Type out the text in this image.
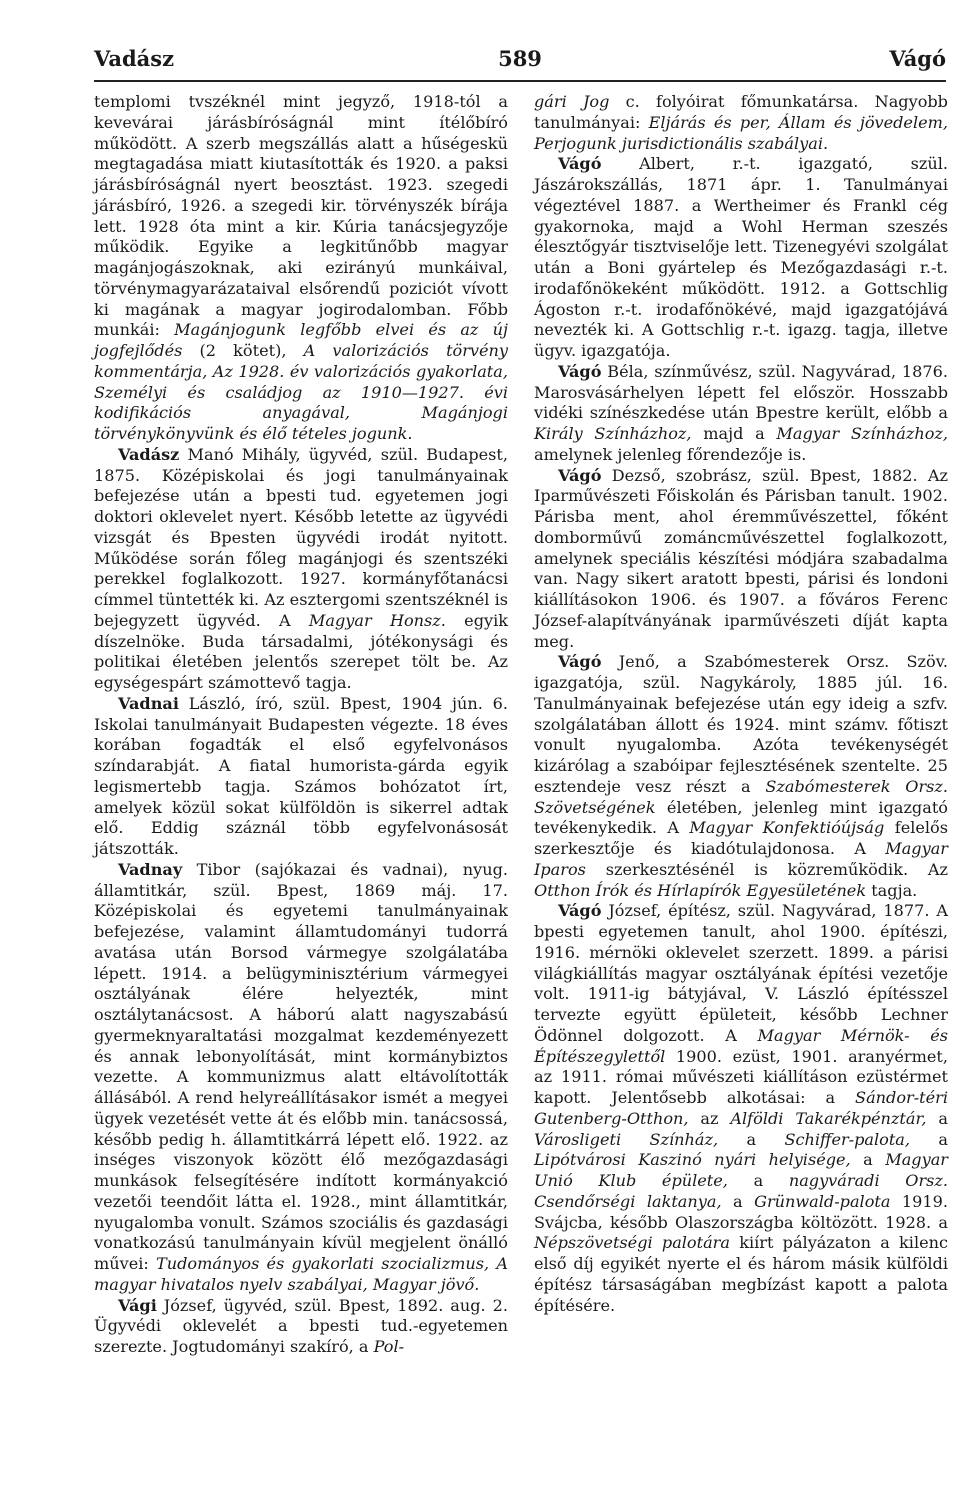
Vadász	589	Vágó

templomi tvszéknél mint jegyző, 1918-tól a kevevárai járásbíróságnál mint ítélőbíró működött. A szerb megszállás alatt a hűségeskü megtagadása miatt kiutasították és 1920. a paksi járásbíróságnál nyert beosztást. 1923. szegedi járásbíró, 1926. a szegedi kir. törvényszék bírája lett. 1928 óta mint a kir. Kúria tanácsjegyzője működik. Egyike a legkitűnőbb magyar magánjogászoknak, aki ezirányú munkáival, törvénymagyarázataival elsőrendű poziciót vívott ki magának a magyar jogirodalomban. Főbb munkái: Magánjogunk legfőbb elvei és az új jogfejlődés (2 kötet), A valorizációs törvény kommentárja, Az 1928. év valorizációs gyakorlata, Személyi és családjog az 1910—1927. évi kodifikációs anyagával, Magánjogi törvénykönyvünk és élő tételes jogunk.

Vadász Manó Mihály, ügyvéd, szül. Budapest, 1875. Középiskolai és jogi tanulmányainak befejezése után a bpesti tud. egyetemen jogi doktori oklevelet nyert. Később letette az ügyvédi vizsgát és Bpesten ügyvédi irodát nyitott. Működése során főleg magánjogi és szentszéki perekkel foglalkozott. 1927. kormányfőtanácsi címmel tüntették ki. Az esztergomi szentszéknél is bejegyzett ügyvéd. A Magyar Honsz. egyik díszelnöke. Buda társadalmi, jótékonysági és politikai életében jelentős szerepet tölt be. Az egységespárt számottevő tagja.

Vadnai László, író, szül. Bpest, 1904 jún. 6. Iskolai tanulmányait Budapesten végezte. 18 éves korában fogadták el első egyfelvonásos színdarabját. A fiatal humorista-gárda egyik legismertebb tagja. Számos bohózatot írt, amelyek közül sokat külföldön is sikerrel adtak elő. Eddig száznál több egyfelvonásosát játszották.

Vadnay Tibor (sajókazai és vadnai), nyug. államtitkár, szül. Bpest, 1869 máj. 17. Középiskolai és egyetemi tanulmányainak befejezése, valamint államtudományi tudorrá avatása után Borsod vármegye szolgálatába lépett. 1914. a belügyminisztérium vármegyei osztályának élére helyezték, mint osztálytanácsost. A háború alatt nagyszabású gyermeknyaraltatási mozgalmat kezdeményezett és annak lebonyolítását, mint kormánybiztos vezette. A kommunizmus alatt eltávolították állásából. A rend helyreállításakor ismét a megyei ügyek vezetését vette át és előbb min. tanácsossá, később pedig h. államtitkárrá lépett elő. 1922. az inséges viszonyok között élő mezőgazdasági munkások felsegítésére indított kormányakció vezetői teendőit látta el. 1928., mint államtitkár, nyugalomba vonult. Számos szociális és gazdasági vonatkozású tanulmányain kívül megjelent önálló művei: Tudományos és gyakorlati szocializmus, A magyar hivatalos nyelv szabályai, Magyar jövő.

Vági József, ügyvéd, szül. Bpest, 1892. aug. 2. Ügyvédi oklevelét a bpesti tud.-egyetemen szerezte. Jogtudományi szakíró, a Pol-

gári Jog c. folyóirat főmunkatársa. Nagyobb tanulmányai: Eljárás és per, Állam és jövedelem, Perjogunk jurisdictionális szabályai.

Vágó Albert, r.-t. igazgató, szül. Jászárokszállás, 1871 ápr. 1. Tanulmányai végeztével 1887. a Wertheimer és Frankl cég gyakornoka, majd a Wohl Herman szeszés élesztőgyár tisztviselője lett. Tizenegyévi szolgálat után a Boni gyártelep és Mezőgazdasági r.-t. irodafőnökeként működött. 1912. a Gottschlig Ágoston r.-t. irodafőnökévé, majd igazgatójává nevezték ki. A Gottschlig r.-t. igazg. tagja, illetve ügyv. igazgatója.

Vágó Béla, színművész, szül. Nagyvárad, 1876. Marosvásárhelyen lépett fel először. Hosszabb vidéki színészkedése után Bpestre került, előbb a Király Színházhoz, majd a Magyar Színházhoz, amelynek jelenleg főrendezője is.

Vágó Dezső, szobrász, szül. Bpest, 1882. Az Iparművészeti Főiskolán és Párisban tanult. 1902. Párisba ment, ahol éremművészettel, főként domborművű zománcművészettel foglalkozott, amelynek speciális készítési módjára szabadalma van. Nagy sikert aratott bpesti, párisi és londoni kiállításokon 1906. és 1907. a főváros Ferenc József-alapítványának iparművészeti díját kapta meg.

Vágó Jenő, a Szabómesterek Orsz. Szöv. igazgatója, szül. Nagykároly, 1885 júl. 16. Tanulmányainak befejezése után egy ideig a szfv. szolgálatában állott és 1924. mint számv. főtiszt vonult nyugalomba. Azóta tevékenységét kizárólag a szabóipar fejlesztésének szentelte. 25 esztendeje vesz részt a Szabómesterek Orsz. Szövetségének életében, jelenleg mint igazgató tevékenykedik. A Magyar Konfektióújság felelős szerkesztője és kiadótulajdonosa. A Magyar Iparos szerkesztésénél is közreműködik. Az Otthon Írók és Hírlapírók Egyesületének tagja.

Vágó József, építész, szül. Nagyvárad, 1877. A bpesti egyetemen tanult, ahol 1900. építészi, 1916. mérnöki oklevelet szerzett. 1899. a párisi világkiállítás magyar osztályának építési vezetője volt. 1911-ig bátyjával, V. László építésszel tervezte együtt épületeit, később Lechner Ödönnel dolgozott. A Magyar Mérnök- és Építészegylettől 1900. ezüst, 1901. aranyérmet, az 1911. római művészeti kiállításon ezüstérmet kapott. Jelentősebb alkotásai: a Sándor-téri Gutenberg-Otthon, az Alföldi Takarékpénztár, a Városligeti Színház, a Schiffer-palota, a Lipótvárosi Kaszinó nyári helyisége, a Magyar Unió Klub épülete, a nagyváradi Orsz. Csendőrségi laktanya, a Grünwald-palota 1919. Svájcba, később Olaszországba költözött. 1928. a Népszövetségi palotára kiírt pályázaton a kilenc első díj egyikét nyerte el és három másik külföldi építész társaságában megbízást kapott a palota építésére.
